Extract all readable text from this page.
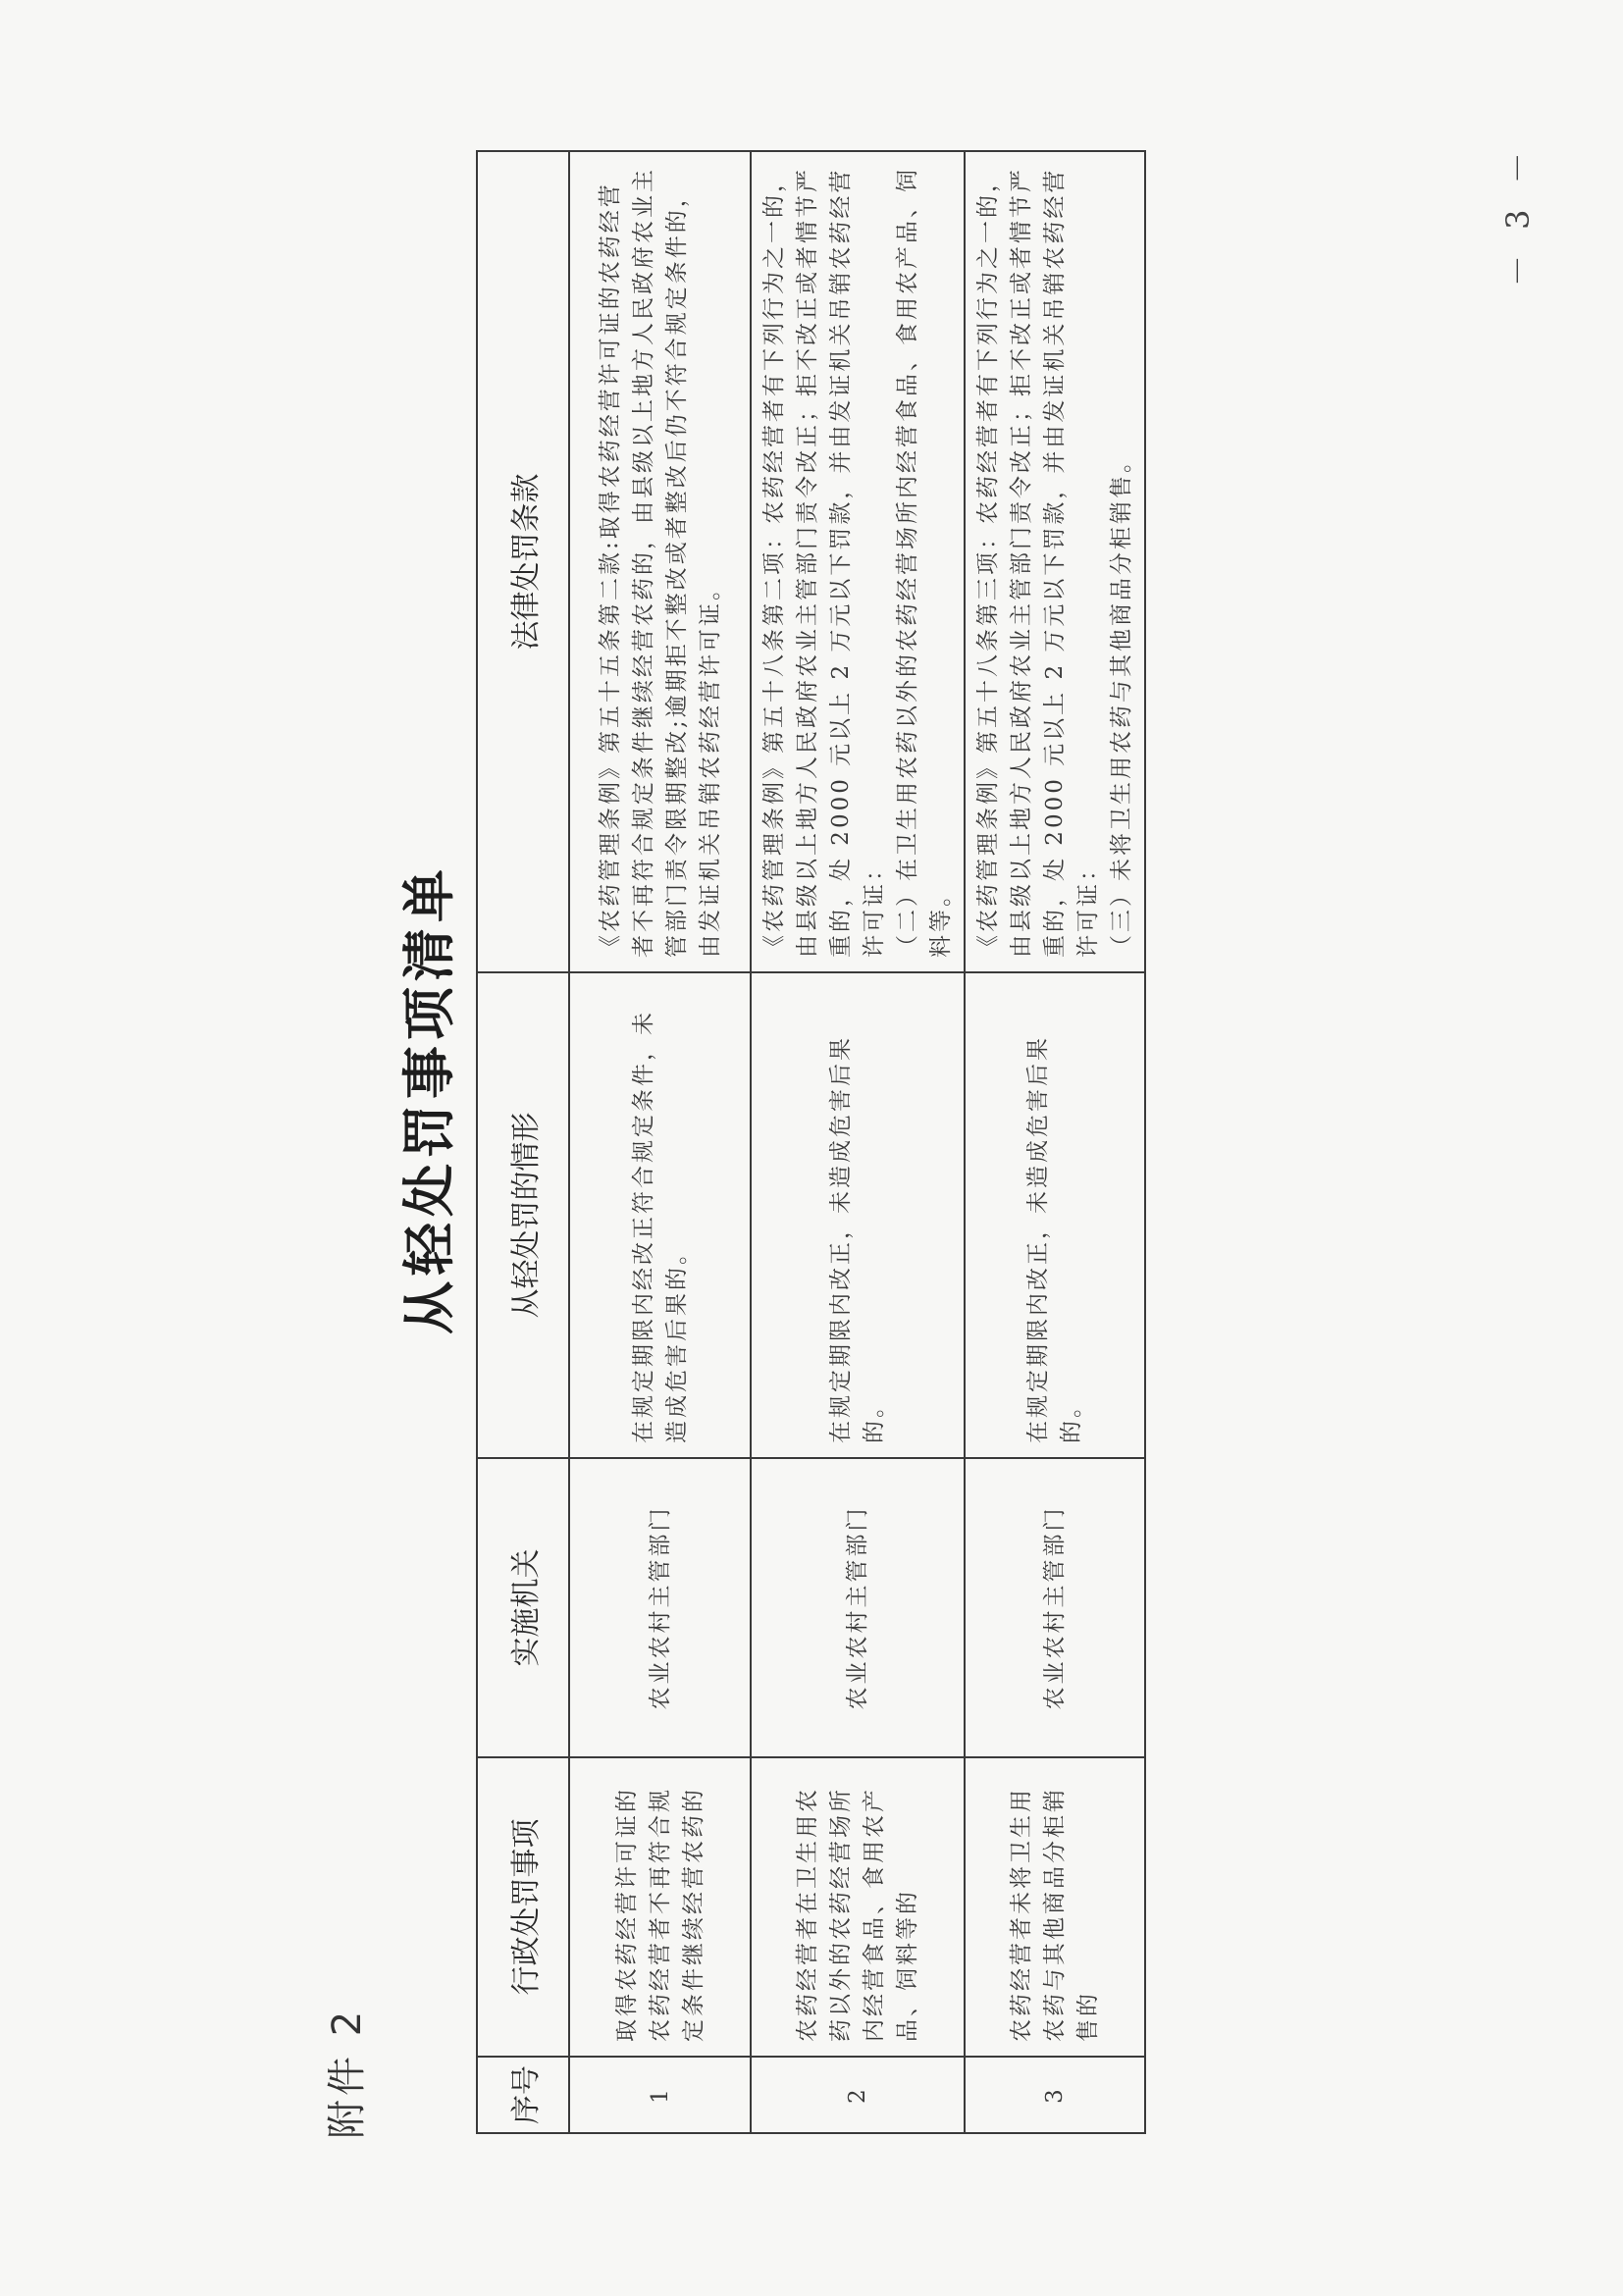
附件 2
从轻处罚事项清单
序号	行政处罚事项	实施机关	从轻处罚的情形	法律处罚条款
1	取得农药经营许可证的农药经营者不再符合规定条件继续经营农药的	农业农村主管部门	在规定期限内经改正符合规定条件，未造成危害后果的。	《农药管理条例》第五十五条第二款:取得农药经营许可证的农药经营者不再符合规定条件继续经营农药的，由县级以上地方人民政府农业主管部门责令限期整改;逾期拒不整改或者整改后仍不符合规定条件的，由发证机关吊销农药经营许可证。

2	农药经营者在卫生用农药以外的农药经营场所内经营食品、食用农产品、饲料等的	农业农村主管部门	在规定期限内改正，未造成危害后果的。	《农药管理条例》第五十八条第二项：农药经营者有下列行为之一的，由县级以上地方人民政府农业主管部门责令改正；拒不改正或者情节严重的，处 2000 元以上 2 万元以下罚款，并由发证机关吊销农药经营许可证： （二）在卫生用农药以外的农药经营场所内经营食品、食用农产品、饲料等。

3	农药经营者未将卫生用农药与其他商品分柜销售的	农业农村主管部门	在规定期限内改正，未造成危害后果的。	《农药管理条例》第五十八条第三项：农药经营者有下列行为之一的，由县级以上地方人民政府农业主管部门责令改正；拒不改正或者情节严重的，处 2000 元以上 2 万元以下罚款，并由发证机关吊销农药经营许可证： （三）未将卫生用农药与其他商品分柜销售。
－ 3 －
